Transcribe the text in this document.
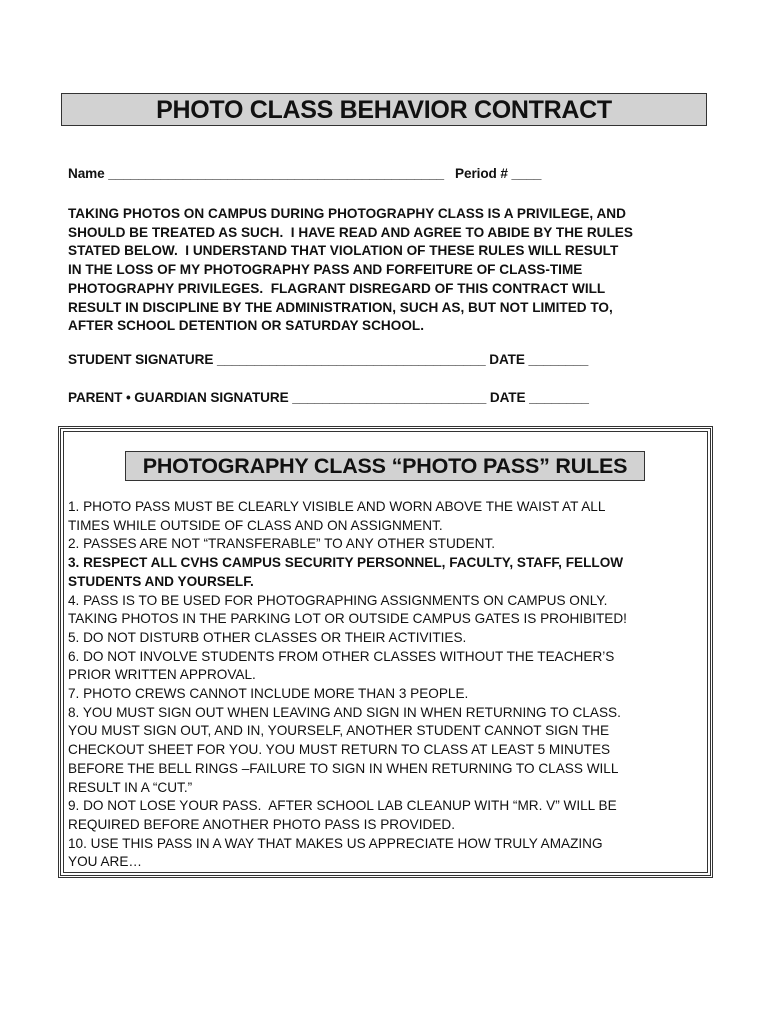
PHOTO CLASS BEHAVIOR CONTRACT
Name _____________________________________________   Period # ____
TAKING PHOTOS ON CAMPUS DURING PHOTOGRAPHY CLASS IS A PRIVILEGE, AND
SHOULD BE TREATED AS SUCH.  I HAVE READ AND AGREE TO ABIDE BY THE RULES
STATED BELOW.  I UNDERSTAND THAT VIOLATION OF THESE RULES WILL RESULT
IN THE LOSS OF MY PHOTOGRAPHY PASS AND FORFEITURE OF CLASS-TIME
PHOTOGRAPHY PRIVILEGES.  FLAGRANT DISREGARD OF THIS CONTRACT WILL
RESULT IN DISCIPLINE BY THE ADMINISTRATION, SUCH AS, BUT NOT LIMITED TO,
AFTER SCHOOL DETENTION OR SATURDAY SCHOOL.
STUDENT SIGNATURE ____________________________________ DATE ________
PARENT • GUARDIAN SIGNATURE __________________________ DATE ________
PHOTOGRAPHY CLASS “PHOTO PASS” RULES
1. PHOTO PASS MUST BE CLEARLY VISIBLE AND WORN ABOVE THE WAIST AT ALL
TIMES WHILE OUTSIDE OF CLASS AND ON ASSIGNMENT.
2. PASSES ARE NOT “TRANSFERABLE” TO ANY OTHER STUDENT.
3. RESPECT ALL CVHS CAMPUS SECURITY PERSONNEL, FACULTY, STAFF, FELLOW
STUDENTS AND YOURSELF.
4. PASS IS TO BE USED FOR PHOTOGRAPHING ASSIGNMENTS ON CAMPUS ONLY.
TAKING PHOTOS IN THE PARKING LOT OR OUTSIDE CAMPUS GATES IS PROHIBITED!
5. DO NOT DISTURB OTHER CLASSES OR THEIR ACTIVITIES.
6. DO NOT INVOLVE STUDENTS FROM OTHER CLASSES WITHOUT THE TEACHER’S
PRIOR WRITTEN APPROVAL.
7. PHOTO CREWS CANNOT INCLUDE MORE THAN 3 PEOPLE.
8. YOU MUST SIGN OUT WHEN LEAVING AND SIGN IN WHEN RETURNING TO CLASS.
YOU MUST SIGN OUT, AND IN, YOURSELF, ANOTHER STUDENT CANNOT SIGN THE
CHECKOUT SHEET FOR YOU. YOU MUST RETURN TO CLASS AT LEAST 5 MINUTES
BEFORE THE BELL RINGS –FAILURE TO SIGN IN WHEN RETURNING TO CLASS WILL
RESULT IN A “CUT.”
9. DO NOT LOSE YOUR PASS.  AFTER SCHOOL LAB CLEANUP WITH “MR. V” WILL BE
REQUIRED BEFORE ANOTHER PHOTO PASS IS PROVIDED.
10. USE THIS PASS IN A WAY THAT MAKES US APPRECIATE HOW TRULY AMAZING
YOU ARE…
